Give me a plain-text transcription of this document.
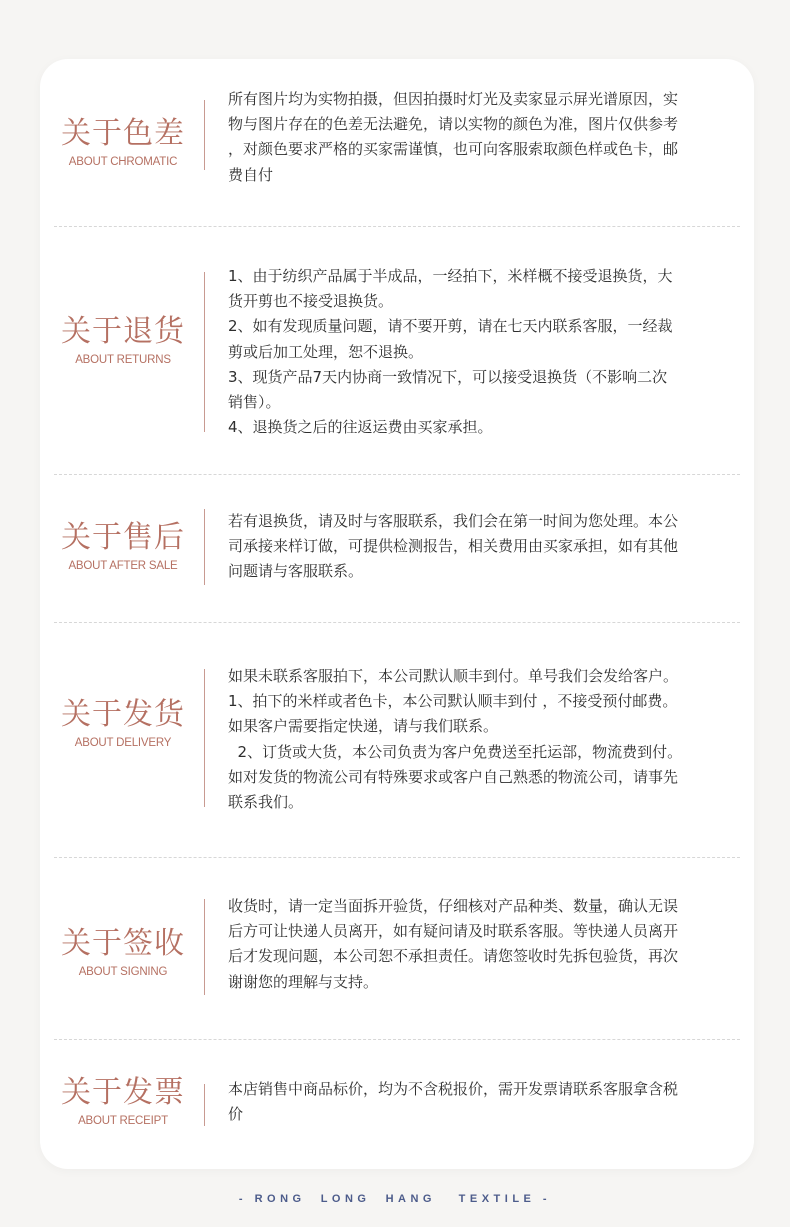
关于色差
ABOUT CHROMATIC
所有图片均为实物拍摄，但因拍摄时灯光及卖家显示屏光谱原因，实
物与图片存在的色差无法避免，请以实物的颜色为准，图片仅供参考
，对颜色要求严格的买家需谨慎，也可向客服索取颜色样或色卡，邮
费自付
关于退货
ABOUT RETURNS
1、由于纺织产品属于半成品，一经拍下，米样概不接受退换货，大
货开剪也不接受退换货。
2、如有发现质量问题，请不要开剪，请在七天内联系客服，一经裁
剪或后加工处理，恕不退换。
3、现货产品7天内协商一致情况下，可以接受退换货（不影响二次
销售）。
4、退换货之后的往返运费由买家承担。
关于售后
ABOUT AFTER SALE
若有退换货，请及时与客服联系，我们会在第一时间为您处理。本公
司承接来样订做，可提供检测报告，相关费用由买家承担，如有其他
问题请与客服联系。
关于发货
ABOUT DELIVERY
如果未联系客服拍下，本公司默认顺丰到付。单号我们会发给客户。
1、拍下的米样或者色卡，本公司默认顺丰到付 ，不接受预付邮费。
如果客户需要指定快递，请与我们联系。
2、订货或大货，本公司负责为客户免费送至托运部，物流费到付。
如对发货的物流公司有特殊要求或客户自己熟悉的物流公司，请事先
联系我们。
关于签收
ABOUT SIGNING
收货时，请一定当面拆开验货，仔细核对产品种类、数量，确认无误
后方可让快递人员离开，如有疑问请及时联系客服。等快递人员离开
后才发现问题，本公司恕不承担责任。请您签收时先拆包验货，再次
谢谢您的理解与支持。
关于发票
ABOUT RECEIPT
本店销售中商品标价，均为不含税报价，需开发票请联系客服拿含税
价
- RONG  LONG  HANG   TEXTILE -
